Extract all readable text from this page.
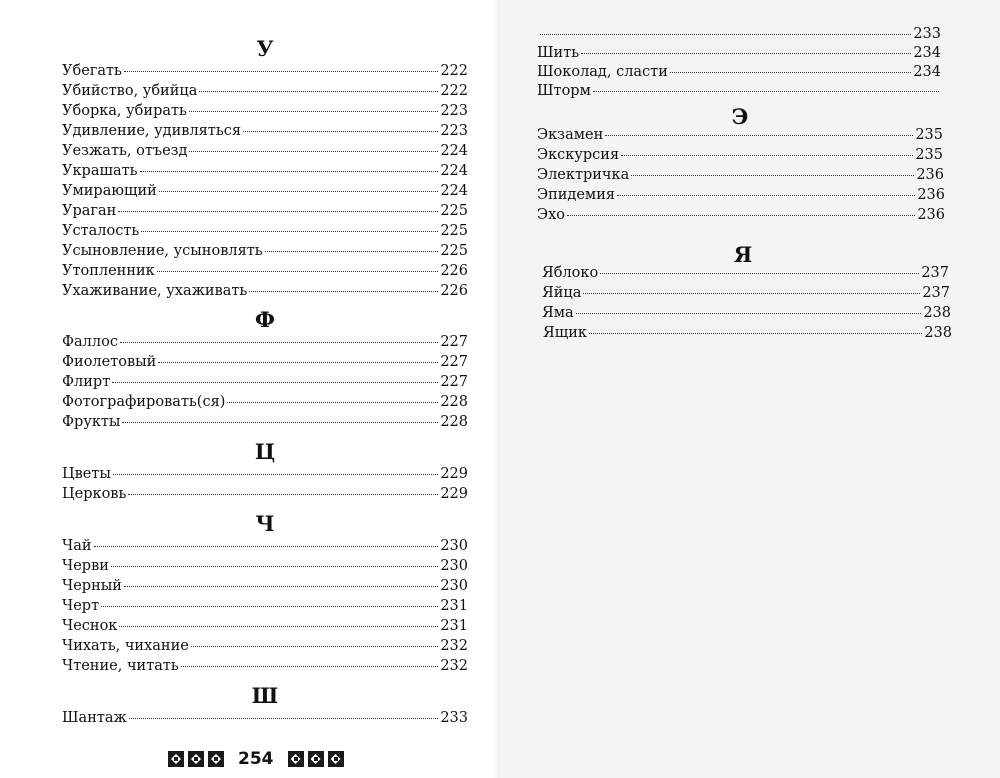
У
Убегать	222
Убийство, убийца	222
Уборка, убирать	223
Удивление, удивляться	223
Уезжать, отъезд	224
Украшать	224
Умирающий	224
Ураган	225
Усталость	225
Усыновление, усыновлять	225
Утопленник	226
Ухаживание, ухаживать	226
Ф
Фаллос	227
Фиолетовый	227
Флирт	227
Фотографировать(ся)	228
Фрукты	228
Ц
Цветы	229
Церковь	229
Ч
Чай	230
Черви	230
Черный	230
Черт	231
Чеснок	231
Чихать, чихание	232
Чтение, читать	232
Ш
Шантаж	233
254
233
Шить	234
Шоколад, сласти	234
Шторм
Э
Экзамен	235
Экскурсия	235
Электричка	236
Эпидемия	236
Эхо	236
Я
Яблоко	237
Яйца	237
Яма	238
Ящик	238
